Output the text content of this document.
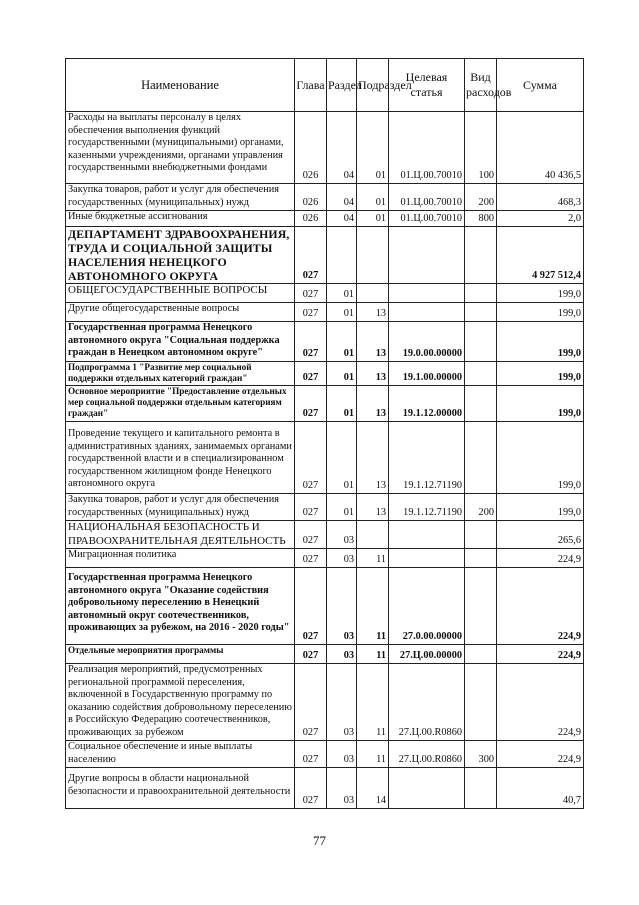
Наименование	Глава	Раздел	Подраздел	Целевая статья	Вид расходов	Сумма
Расходы на выплаты персоналу в целях обеспечения выполнения функций государственными (муниципальными) органами, казенными учреждениями, органами управления государственными внебюджетными фондами	026	04	01	01.Ц.00.70010	100	40 436,5
Закупка товаров, работ и услуг для обеспечения государственных (муниципальных) нужд	026	04	01	01.Ц.00.70010	200	468,3
Иные бюджетные ассигнования	026	04	01	01.Ц.00.70010	800	2,0
ДЕПАРТАМЕНТ ЗДРАВООХРАНЕНИЯ, ТРУДА И СОЦИАЛЬНОЙ ЗАЩИТЫ НАСЕЛЕНИЯ НЕНЕЦКОГО АВТОНОМНОГО ОКРУГА	027					4 927 512,4
ОБЩЕГОСУДАРСТВЕННЫЕ ВОПРОСЫ	027	01				199,0
Другие общегосударственные вопросы	027	01	13			199,0
Государственная программа Ненецкого автономного округа "Социальная поддержка граждан в Ненецком автономном округе"	027	01	13	19.0.00.00000		199,0
Подпрограмма 1 "Развитие мер социальной поддержки отдельных категорий граждан"	027	01	13	19.1.00.00000		199,0
Основное мероприятие "Предоставление отдельных мер социальной поддержки отдельным категориям граждан"	027	01	13	19.1.12.00000		199,0
Проведение текущего и капитального ремонта в административных зданиях, занимаемых органами государственной власти и в специализированном государственном жилищном фонде Ненецкого автономного округа	027	01	13	19.1.12.71190		199,0
Закупка товаров, работ и услуг для обеспечения государственных (муниципальных) нужд	027	01	13	19.1.12.71190	200	199,0
НАЦИОНАЛЬНАЯ БЕЗОПАСНОСТЬ И ПРАВООХРАНИТЕЛЬНАЯ ДЕЯТЕЛЬНОСТЬ	027	03				265,6
Миграционная политика	027	03	11			224,9
Государственная программа Ненецкого автономного округа "Оказание содействия добровольному переселению в Ненецкий автономный округ соотечественников, проживающих за рубежом, на 2016 - 2020 годы"	027	03	11	27.0.00.00000		224,9
Отдельные мероприятия программы	027	03	11	27.Ц.00.00000		224,9
Реализация мероприятий, предусмотренных региональной программой переселения, включенной в Государственную программу по оказанию содействия добровольному переселению в Российскую Федерацию соотечественников, проживающих за рубежом	027	03	11	27.Ц.00.R0860		224,9
Социальное обеспечение и иные выплаты населению	027	03	11	27.Ц.00.R0860	300	224,9
Другие вопросы в области национальной безопасности и правоохранительной деятельности	027	03	14			40,7
77
